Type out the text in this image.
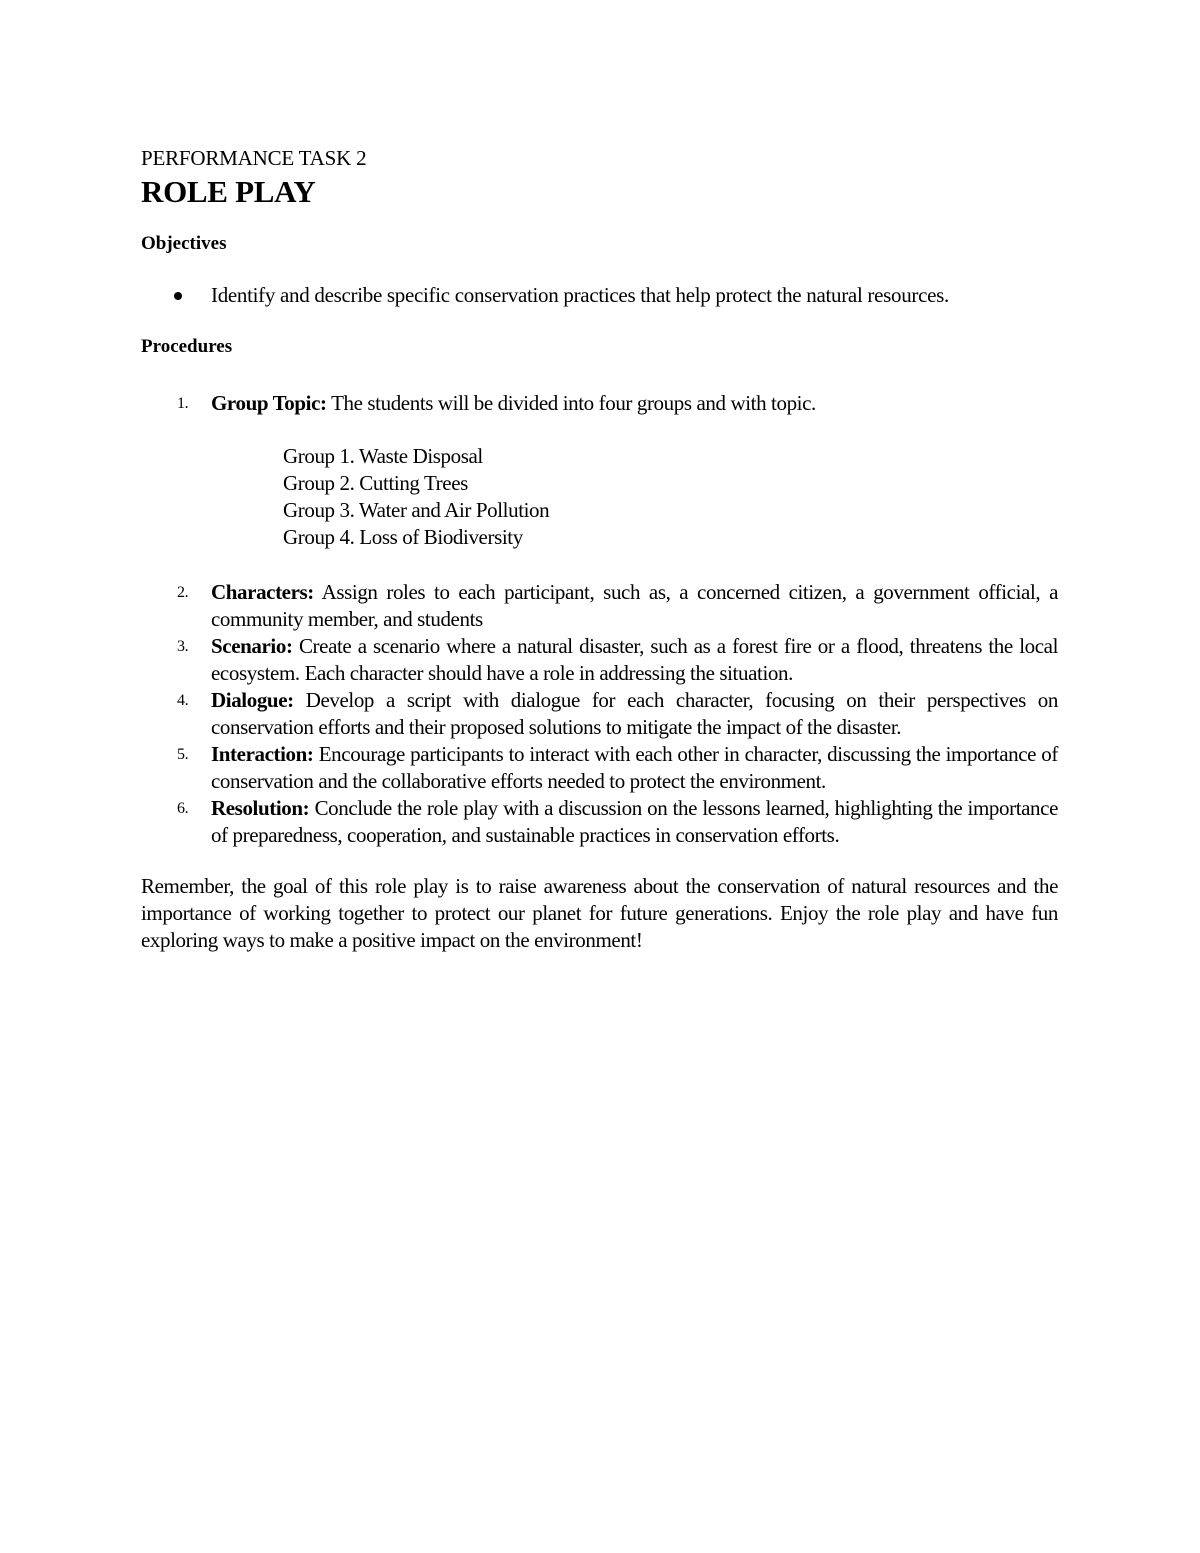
PERFORMANCE TASK 2

ROLE PLAY
Objectives
Identify and describe specific conservation practices that help protect the natural resources.
Procedures
1. Group Topic: The students will be divided into four groups and with topic.
Group 1. Waste Disposal
Group 2. Cutting Trees
Group 3. Water and Air Pollution
Group 4. Loss of Biodiversity
2. Characters: Assign roles to each participant, such as, a concerned citizen, a government official, a community member, and students
3. Scenario: Create a scenario where a natural disaster, such as a forest fire or a flood, threatens the local ecosystem. Each character should have a role in addressing the situation.
4. Dialogue: Develop a script with dialogue for each character, focusing on their perspectives on conservation efforts and their proposed solutions to mitigate the impact of the disaster.
5. Interaction: Encourage participants to interact with each other in character, discussing the importance of conservation and the collaborative efforts needed to protect the environment.
6. Resolution: Conclude the role play with a discussion on the lessons learned, highlighting the importance of preparedness, cooperation, and sustainable practices in conservation efforts.

Remember, the goal of this role play is to raise awareness about the conservation of natural resources and the importance of working together to protect our planet for future generations. Enjoy the role play and have fun exploring ways to make a positive impact on the environment!
